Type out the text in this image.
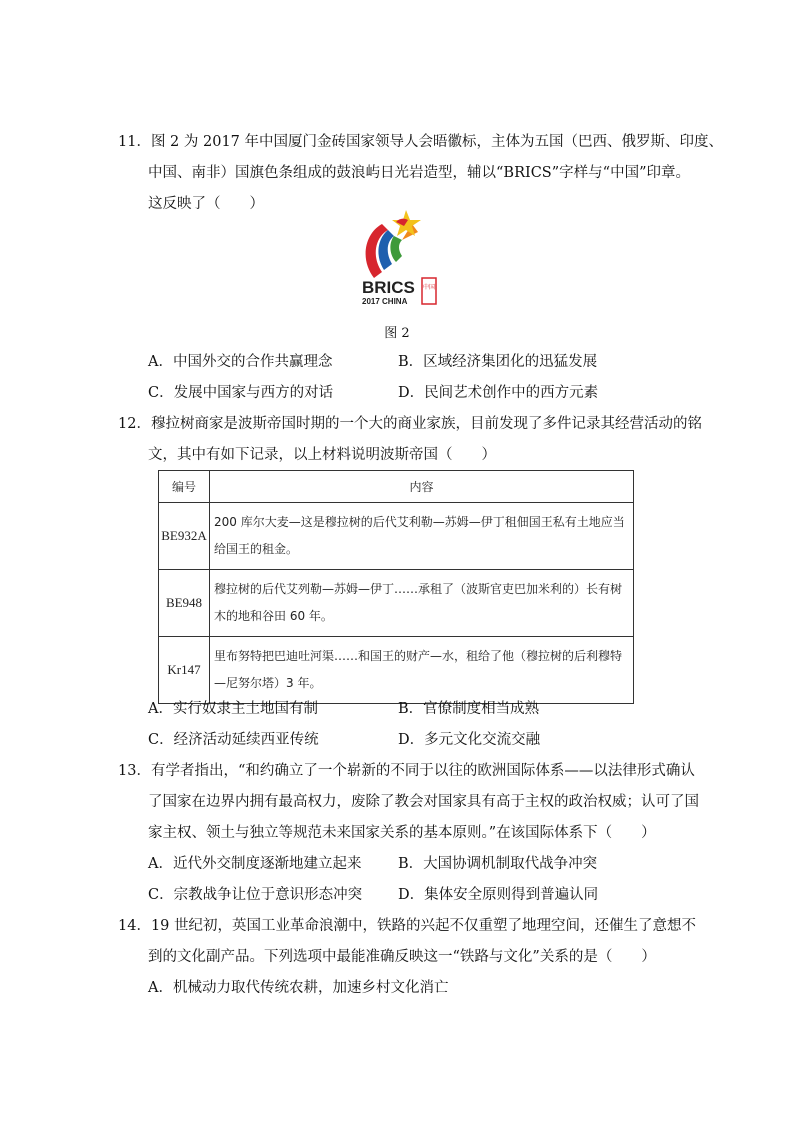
11．图 2 为 2017 年中国厦门金砖国家领导人会晤徽标，主体为五国（巴西、俄罗斯、印度、
中国、南非）国旗色条组成的鼓浪屿日光岩造型，辅以“BRICS”字样与“中国”印章。
这反映了（　　）
BRICS
2017 CHINA
中国
图 2
A．中国外交的合作共赢理念	B．区域经济集团化的迅猛发展
C．发展中国家与西方的对话	D．民间艺术创作中的西方元素
12．穆拉树商家是波斯帝国时期的一个大的商业家族，目前发现了多件记录其经营活动的铭
文，其中有如下记录，以上材料说明波斯帝国（　　）
编号	内容
BE932A	200 库尔大麦—这是穆拉树的后代艾利勒—苏姆—伊丁租佃国王私有土地应当给国王的租金。
BE948	穆拉树的后代艾列勒—苏姆—伊丁……承租了（波斯官吏巴加米利的）长有树木的地和谷田 60 年。
Kr147	里布努特把巴迪吐河渠……和国王的财产—水，租给了他（穆拉树的后利穆特—尼努尔塔）3 年。
A．实行奴隶主土地国有制	B．官僚制度相当成熟
C．经济活动延续西亚传统	D．多元文化交流交融
13．有学者指出，“和约确立了一个崭新的不同于以往的欧洲国际体系——以法律形式确认
了国家在边界内拥有最高权力，废除了教会对国家具有高于主权的政治权威；认可了国
家主权、领土与独立等规范未来国家关系的基本原则。”在该国际体系下（　　）
A．近代外交制度逐渐地建立起来	B．大国协调机制取代战争冲突
C．宗教战争让位于意识形态冲突 D．集体安全原则得到普遍认同
14．19 世纪初，英国工业革命浪潮中，铁路的兴起不仅重塑了地理空间，还催生了意想不
到的文化副产品。下列选项中最能准确反映这一“铁路与文化”关系的是（　　）
A．机械动力取代传统农耕，加速乡村文化消亡
